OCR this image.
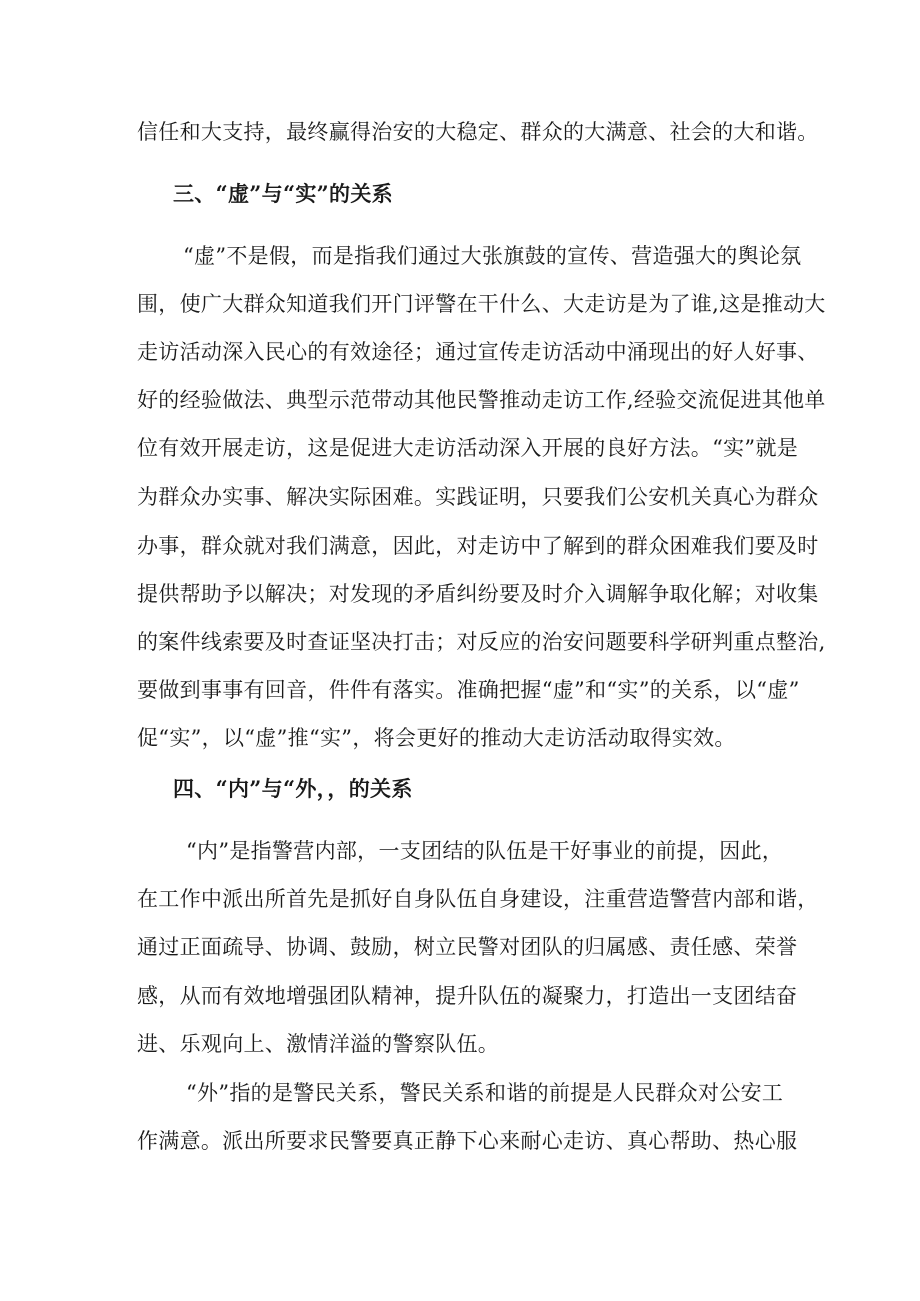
信任和大支持，最终赢得治安的大稳定、群众的大满意、社会的大和谐。
三、“虚”与“实”的关系
“虚”不是假，而是指我们通过大张旗鼓的宣传、营造强大的舆论氛
围，使广大群众知道我们开门评警在干什么、大走访是为了谁,这是推动大
走访活动深入民心的有效途径；通过宣传走访活动中涌现出的好人好事、
好的经验做法、典型示范带动其他民警推动走访工作,经验交流促进其他单
位有效开展走访，这是促进大走访活动深入开展的良好方法。“实”就是
为群众办实事、解决实际困难。实践证明，只要我们公安机关真心为群众
办事，群众就对我们满意，因此，对走访中了解到的群众困难我们要及时
提供帮助予以解决；对发现的矛盾纠纷要及时介入调解争取化解；对收集
的案件线索要及时查证坚决打击；对反应的治安问题要科学研判重点整治,
要做到事事有回音，件件有落实。准确把握“虚”和“实”的关系，以“虚”
促“实”，以“虚”推“实”，将会更好的推动大走访活动取得实效。
四、“内”与“外，，的关系
“内”是指警营内部，一支团结的队伍是干好事业的前提，因此，
在工作中派出所首先是抓好自身队伍自身建设，注重营造警营内部和谐，
通过正面疏导、协调、鼓励，树立民警对团队的归属感、责任感、荣誉
感，从而有效地增强团队精神，提升队伍的凝聚力，打造出一支团结奋
进、乐观向上、激情洋溢的警察队伍。
“外”指的是警民关系，警民关系和谐的前提是人民群众对公安工
作满意。派出所要求民警要真正静下心来耐心走访、真心帮助、热心服
